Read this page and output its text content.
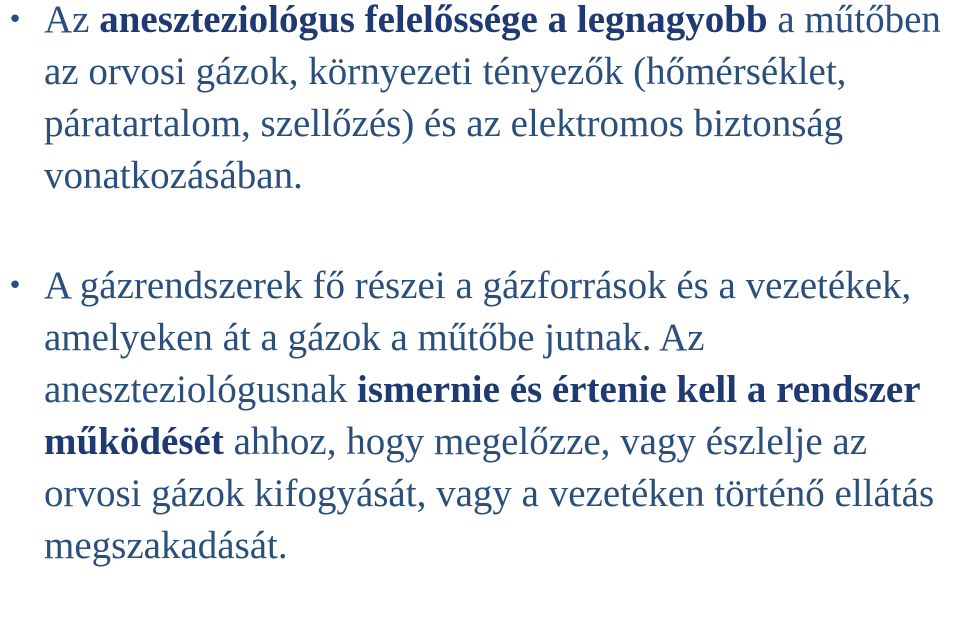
• Az aneszteziológus felelőssége a legnagyobb a műtőben az orvosi gázok, környezeti tényezők (hőmérséklet, páratartalom, szellőzés) és az elektromos biztonság vonatkozásában.
• A gázrendszerek fő részei a gázforrások és a vezetékek, amelyeken át a gázok a műtőbe jutnak. Az aneszteziológusnak ismernie és értenie kell a rendszer működését ahhoz, hogy megelőzze, vagy észlelje az orvosi gázok kifogyását, vagy a vezetéken történő ellátás megszakadását.
